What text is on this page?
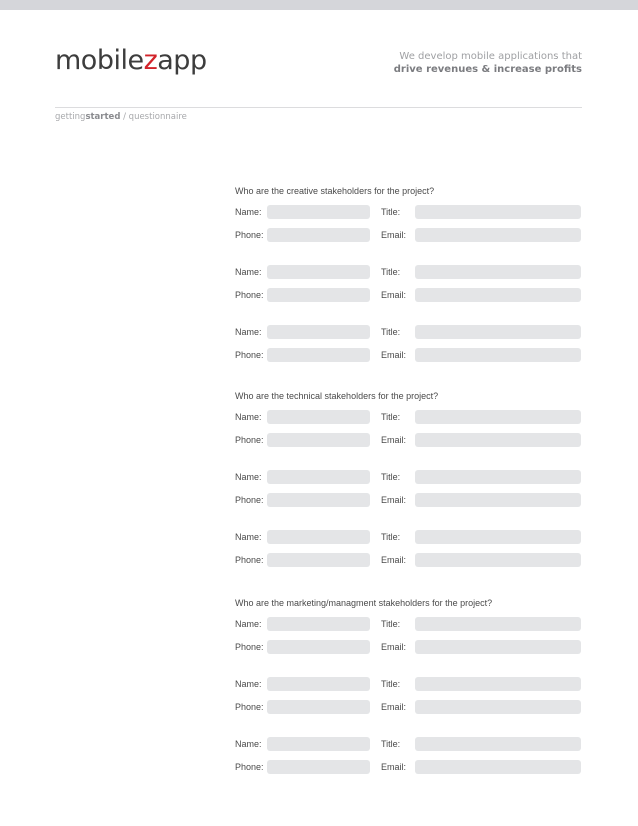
mobilezapp	We develop mobile applications that
drive revenues & increase profits
gettingstarted / questionnaire
Who are the creative stakeholders for the project?
Name:	Title:
Phone:	Email:
Name:	Title:
Phone:	Email:
Name:	Title:
Phone:	Email:
Who are the technical stakeholders for the project?
Name:	Title:
Phone:	Email:
Name:	Title:
Phone:	Email:
Name:	Title:
Phone:	Email:
Who are the marketing/managment stakeholders for the project?
Name:	Title:
Phone:	Email:
Name:	Title:
Phone:	Email:
Name:	Title:
Phone:	Email:
